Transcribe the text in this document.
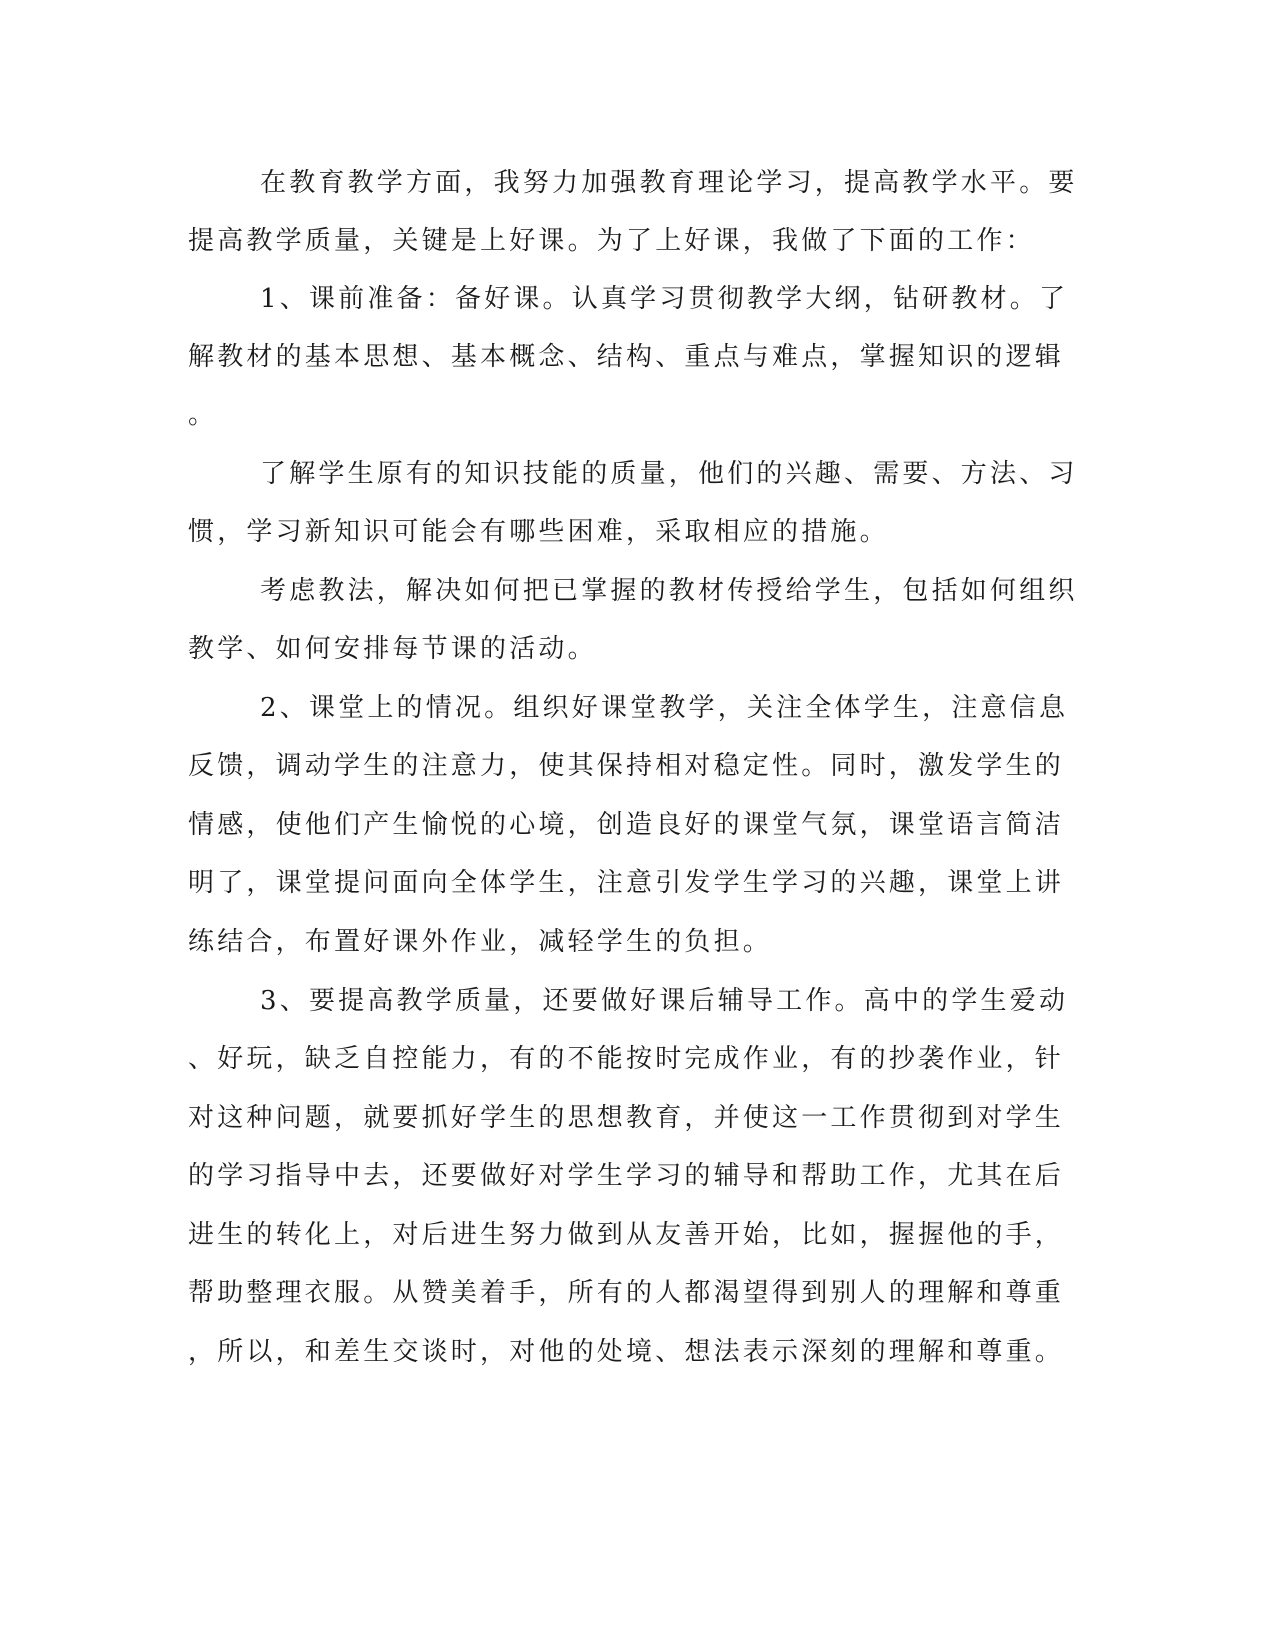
在教育教学方面，我努力加强教育理论学习，提高教学水平。要
提高教学质量，关键是上好课。为了上好课，我做了下面的工作：
1、课前准备：备好课。认真学习贯彻教学大纲，钻研教材。了
解教材的基本思想、基本概念、结构、重点与难点，掌握知识的逻辑
。
了解学生原有的知识技能的质量，他们的兴趣、需要、方法、习
惯，学习新知识可能会有哪些困难，采取相应的措施。
考虑教法，解决如何把已掌握的教材传授给学生，包括如何组织
教学、如何安排每节课的活动。
2、课堂上的情况。组织好课堂教学，关注全体学生，注意信息
反馈，调动学生的注意力，使其保持相对稳定性。同时，激发学生的
情感，使他们产生愉悦的心境，创造良好的课堂气氛，课堂语言简洁
明了，课堂提问面向全体学生，注意引发学生学习的兴趣，课堂上讲
练结合，布置好课外作业，减轻学生的负担。
3、要提高教学质量，还要做好课后辅导工作。高中的学生爱动
、好玩，缺乏自控能力，有的不能按时完成作业，有的抄袭作业，针
对这种问题，就要抓好学生的思想教育，并使这一工作贯彻到对学生
的学习指导中去，还要做好对学生学习的辅导和帮助工作，尤其在后
进生的转化上，对后进生努力做到从友善开始，比如，握握他的手，
帮助整理衣服。从赞美着手，所有的人都渴望得到别人的理解和尊重
，所以，和差生交谈时，对他的处境、想法表示深刻的理解和尊重。
